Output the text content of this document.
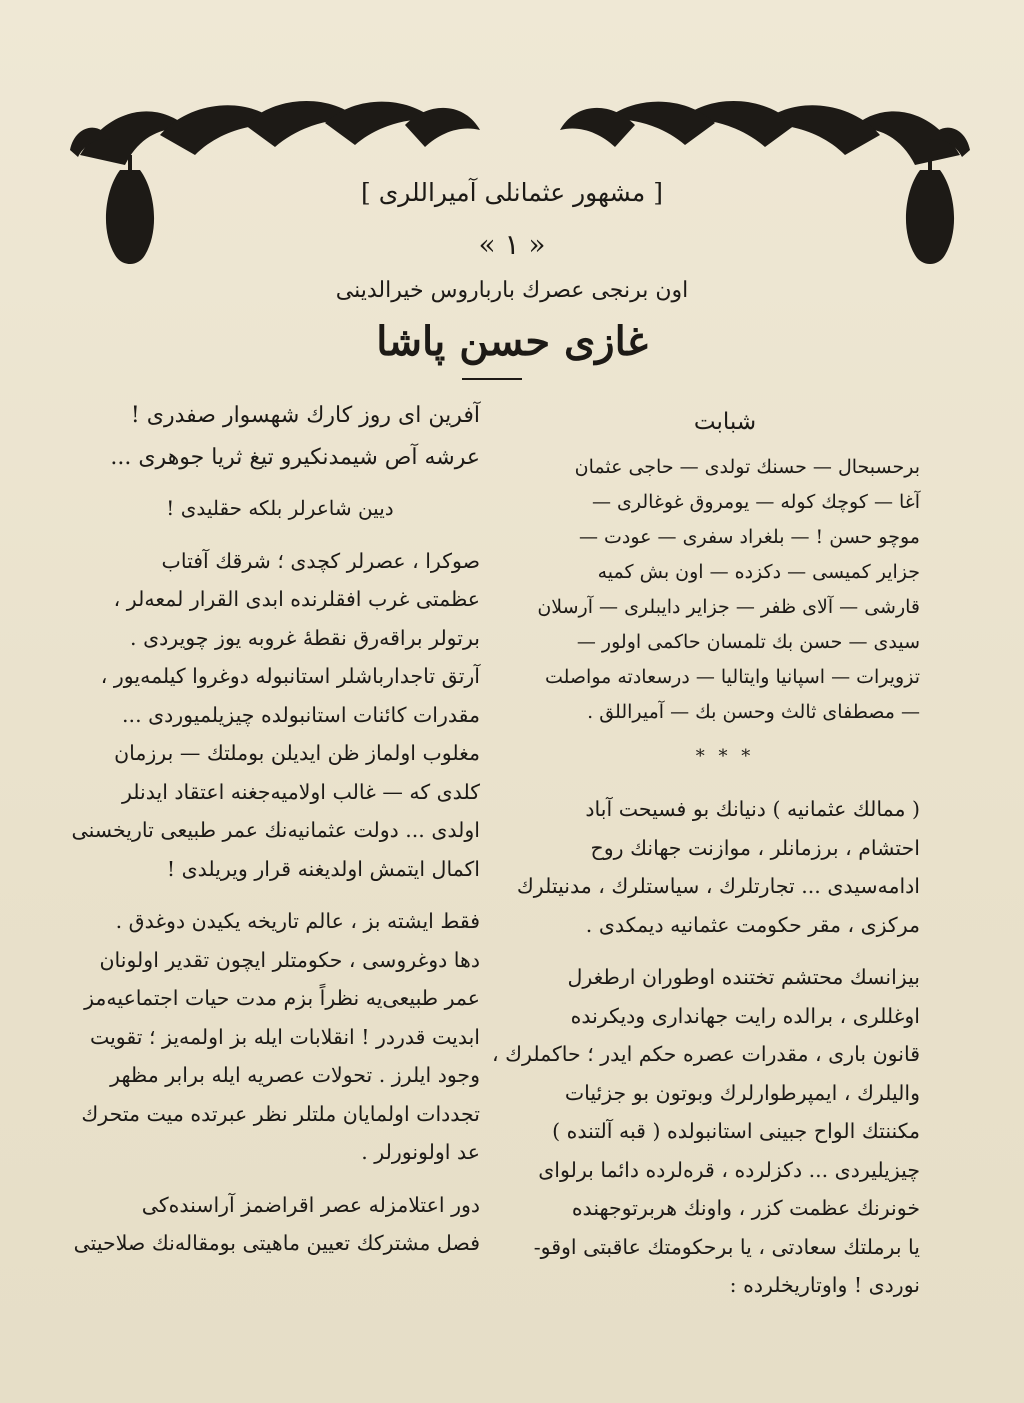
[ مشهور عثمانلى آميراللرى ]
« ١ »
اون برنجى عصرك بارباروس خيرالدينى
غازى حسن پاشا
شبابت
برحسبحال — حسنك تولدى — حاجى عثمان
آغا — كوچك كوله — يومروق غوغالرى —
موچو حسن ! — بلغراد سفرى — عودت —
جزاير كميسى — دكزده — اون بش كميه
قارشى — آلاى ظفر — جزاير دايبلرى — آرسلان
سيدى — حسن بك تلمسان حاكمى اولور —
تزويرات — اسپانيا وايتاليا — درسعادته مواصلت
— مصطفاى ثالث وحسن بك — آميراللق .
* * *
( ممالك عثمانيه ) دنيانك بو فسيحت آباد
احتشام ، برزمانلر ، موازنت جهانك روح
ادامه‌سيدى ... تجارتلرك ، سياستلرك ، مدنيتلرك
مركزى ، مقر حكومت عثمانيه ديمكدى .
بيزانسك محتشم تختنده اوطوران ارطغرل
اوغللرى ، برالده رايت جهاندارى وديكرنده
قانون بارى ، مقدرات عصره حكم ايدر ؛ حاكملرك ،
واليلرك ، ايمپرطوارلرك وبوتون بو جزئيات
مكننتك الواح جبينى استانبولده ( قبه آلتنده )
چيزيليردى ... دكزلرده ، قره‌لرده دائما برلواى
خونرنك عظمت كزر ، واونك هربرتوجهنده
يا برملتك سعادتى ، يا برحكومتك عاقبتى اوقو-
نوردى ! واوتاريخلرده :
آفرين اى روز كارك شهسوار صفدرى !
عرشه آص شيمدنكيرو تيغ ثريا جوهرى ...
ديين شاعرلر بلكه حقليدى !
صوكرا ، عصرلر كچدى ؛ شرقك آفتاب
عظمتى غرب افقلرنده ابدى القرار لمعه‌لر ،
برتولر براقه‌رق نقطهٔ غروبه يوز چويردى .
آرتق تاجدارباشلر استانبوله دوغروا كيلمه‌يور ،
مقدرات كائنات استانبولده چيزيلميوردى ...
مغلوب اولماز ظن ايديلن بوملتك — برزمان
كلدى كه — غالب اولاميه‌جغنه اعتقاد ايدنلر
اولدى ... دولت عثمانيه‌نك عمر طبيعى تاريخسنى
اكمال ايتمش اولديغنه قرار ويريلدى !
فقط ايشته بز ، عالم تاريخه يكيدن دوغدق .
دها دوغروسى ، حكومتلر ايچون تقدير اولونان
عمر طبيعى‌يه نظراً بزم مدت حيات اجتماعيه‌مز
ابديت قدردر ! انقلابات ايله بز اولمه‌يز ؛ تقويت
وجود ايلرز . تحولات عصريه ايله برابر مظهر
تجددات اولمايان ملتلر نظر عبرتده ميت متحرك
عد اولونورلر .
دور اعتلامزله عصر اقراضمز آراسنده‌كى
فصل مشتركك تعيين ماهيتى بومقاله‌نك صلاحيتى
